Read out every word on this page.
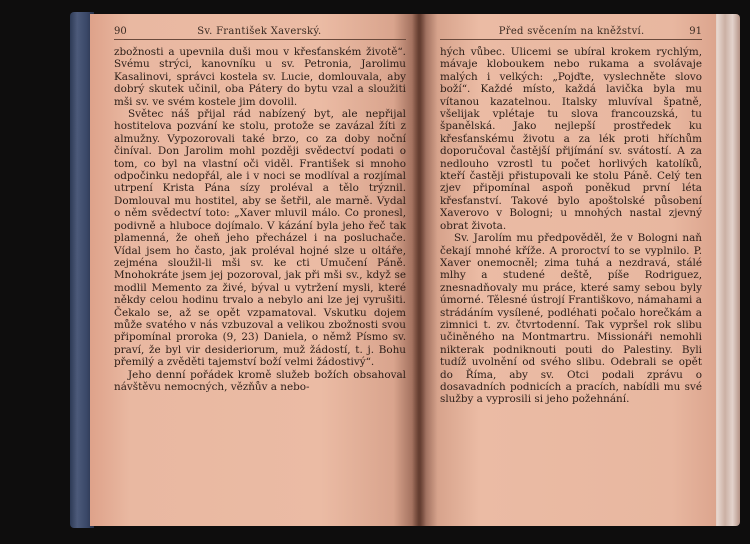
90	Sv. František Xaverský.

zbožnosti a upevnila duši mou v křesťanském životě“. Svému strýci, kanovníku u sv. Petronia, Jarolimu Kasalinovi, správci kostela sv. Lucie, domlouvala, aby dobrý skutek učinil, oba Pátery do bytu vzal a sloužiti mši sv. ve svém kostele jim dovolil.

Světec náš přijal rád nabízený byt, ale nepřijal hostitelova pozvání ke stolu, protože se zavázal žíti z almužny. Vypozorovali také brzo, co za doby noční činíval. Don Jarolim mohl později svědectví podati o tom, co byl na vlastní oči viděl. František si mnoho odpočinku nedopřál, ale i v noci se modlíval a rozjímal utrpení Krista Pána sízy proléval a tělo trýznil. Domlouval mu hostitel, aby se šetřil, ale marně. Vydal o něm svědectví toto: „Xaver mluvil málo. Co pronesl, podivně a hluboce dojímalo. V kázání byla jeho řeč tak plamenná, že oheň jeho přecházel i na posluchače. Vídal jsem ho často, jak proléval hojné slze u oltáře, zejména sloužil-li mši sv. ke cti Umučení Páně. Mnohokráte jsem jej pozoroval, jak při mši sv., když se modlil Memento za živé, býval u vytržení mysli, které někdy celou hodinu trvalo a nebylo ani lze jej vyrušiti. Čekalo se, až se opět vzpamatoval. Vskutku dojem může svatého v nás vzbuzoval a velikou zbožnosti svou připomínal proroka (9, 23) Daniela, o němž Písmo sv. praví, že byl vir desideriorum, muž žádostí, t. j. Bohu přemilý a zvěděti tajemství boží velmi žádostivý“.

Jeho denní pořádek kromě služeb božích obsahoval návštěvu nemocných, vězňův a nebo-

Před svěcením na kněžství.	91

hých vůbec. Ulicemi se ubíral krokem rychlým, mávaje kloboukem nebo rukama a svolávaje malých i velkých: „Pojďte, vyslechněte slovo boží“. Každé místo, každá lavička byla mu vítanou kazatelnou. Italsky mluvíval špatně, všelijak vplétaje tu slova francouzská, tu španělská. Jako nejlepší prostředek ku křesťanskému životu a za lék proti hříchům doporučoval častější přijímání sv. svátostí. A za nedlouho vzrostl tu počet horlivých katolíků, kteří častěji přistupovali ke stolu Páně. Celý ten zjev připomínal aspoň poněkud první léta křesťanství. Takové bylo apoštolské působení Xaverovo v Bologni; u mnohých nastal zjevný obrat života.

Sv. Jarolím mu předpověděl, že v Bologni naň čekají mnohé kříže. A proroctví to se vyplnilo. P. Xaver onemocněl; zima tuhá a nezdravá, stálé mlhy a studené deště, píše Rodriguez, znesnadňovaly mu práce, které samy sebou byly úmorné. Tělesné ústrojí Františkovo, námahami a strádáním vysílené, podléhati počalo horečkám a zimnici t. zv. čtvrtodenní. Tak vypršel rok slibu učiněného na Montmartru. Missionáři nemohli nikterak podniknouti pouti do Palestiny. Byli tudíž uvolnění od svého slibu. Odebrali se opět do Říma, aby sv. Otci podali zprávu o dosavadních podnicích a pracích, nabídli mu své služby a vyprosili si jeho požehnání.
